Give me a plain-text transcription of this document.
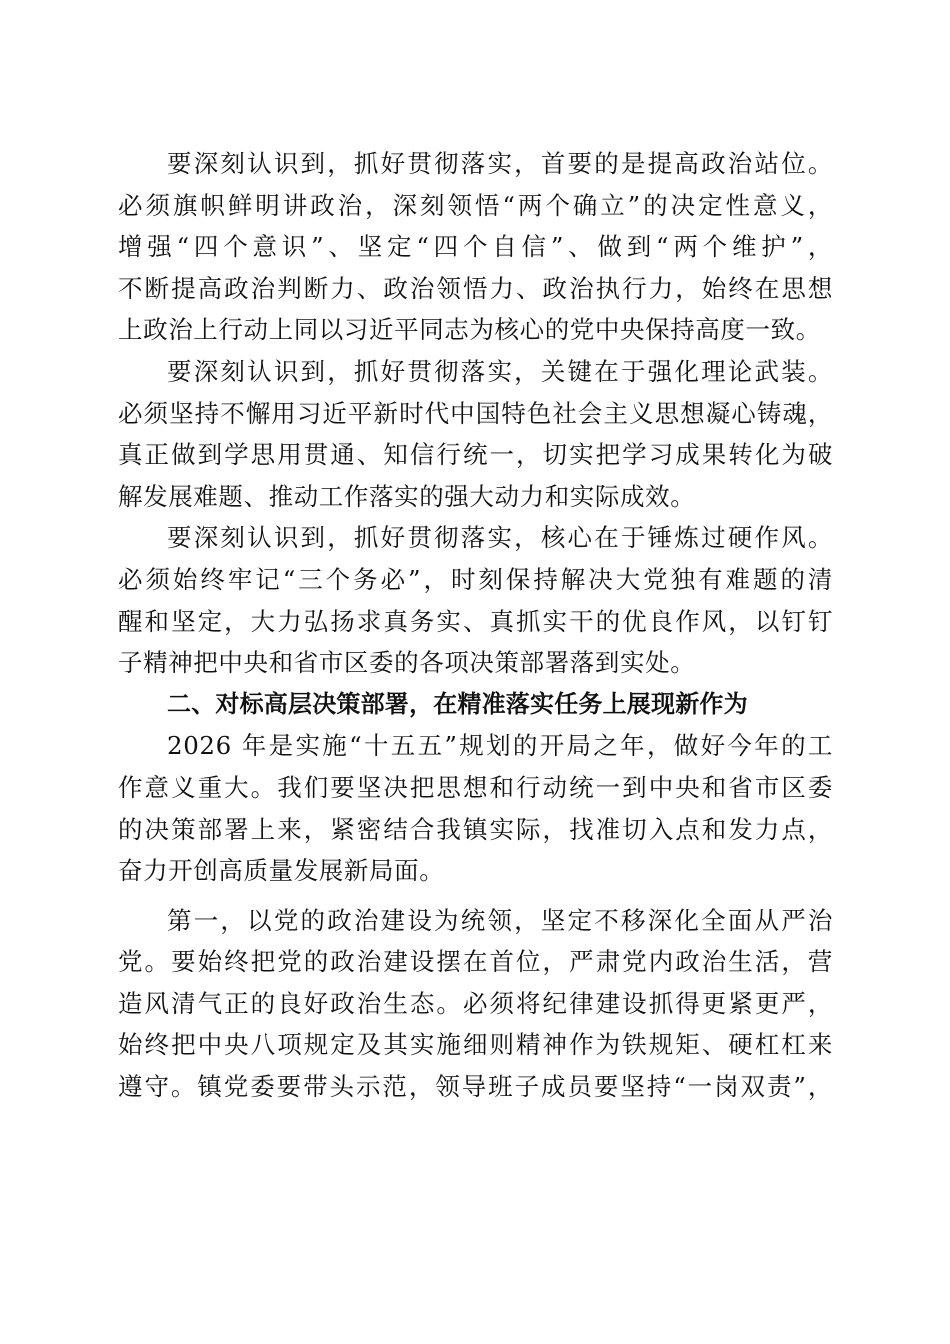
要深刻认识到，抓好贯彻落实，首要的是提高政治站位。
必须旗帜鲜明讲政治，深刻领悟“两个确立”的决定性意义，
增强“四个意识”、坚定“四个自信”、做到“两个维护”，
不断提高政治判断力、政治领悟力、政治执行力，始终在思想
上政治上行动上同以习近平同志为核心的党中央保持高度一致。
要深刻认识到，抓好贯彻落实，关键在于强化理论武装。
必须坚持不懈用习近平新时代中国特色社会主义思想凝心铸魂，
真正做到学思用贯通、知信行统一，切实把学习成果转化为破
解发展难题、推动工作落实的强大动力和实际成效。
要深刻认识到，抓好贯彻落实，核心在于锤炼过硬作风。
必须始终牢记“三个务必”，时刻保持解决大党独有难题的清
醒和坚定，大力弘扬求真务实、真抓实干的优良作风，以钉钉
子精神把中央和省市区委的各项决策部署落到实处。
二、对标高层决策部署，在精准落实任务上展现新作为
2026 年是实施“十五五”规划的开局之年，做好今年的工
作意义重大。我们要坚决把思想和行动统一到中央和省市区委
的决策部署上来，紧密结合我镇实际，找准切入点和发力点，
奋力开创高质量发展新局面。
第一，以党的政治建设为统领，坚定不移深化全面从严治
党。要始终把党的政治建设摆在首位，严肃党内政治生活，营
造风清气正的良好政治生态。必须将纪律建设抓得更紧更严，
始终把中央八项规定及其实施细则精神作为铁规矩、硬杠杠来
遵守。镇党委要带头示范，领导班子成员要坚持“一岗双责”，
